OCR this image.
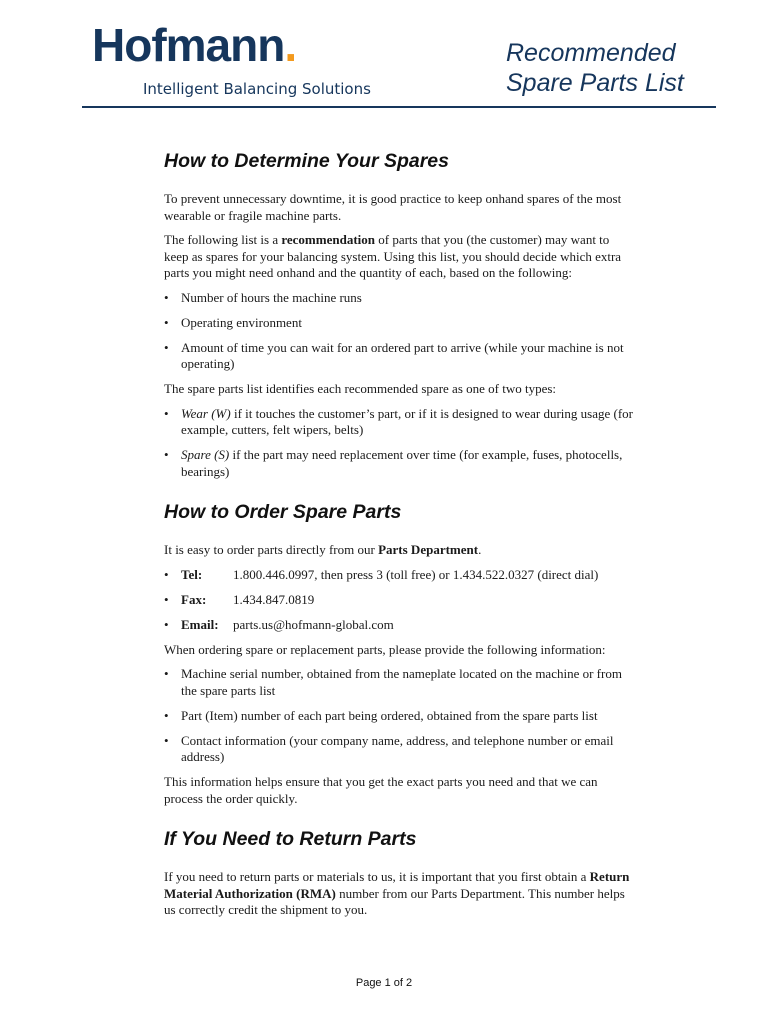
Hofmann.
Intelligent Balancing Solutions
Recommended
Spare Parts List
How to Determine Your Spares

To prevent unnecessary downtime, it is good practice to keep onhand spares of the most wearable or fragile machine parts.

The following list is a recommendation of parts that you (the customer) may want to keep as spares for your balancing system. Using this list, you should decide which extra parts you might need onhand and the quantity of each, based on the following:

• Number of hours the machine runs
• Operating environment
• Amount of time you can wait for an ordered part to arrive (while your machine is not operating)

The spare parts list identifies each recommended spare as one of two types:

• Wear (W) if it touches the customer’s part, or if it is designed to wear during usage (for example, cutters, felt wipers, belts)
• Spare (S) if the part may need replacement over time (for example, fuses, photocells, bearings)
How to Order Spare Parts

It is easy to order parts directly from our Parts Department.

• Tel: 1.800.446.0997, then press 3 (toll free) or 1.434.522.0327 (direct dial)
• Fax: 1.434.847.0819
• Email: parts.us@hofmann-global.com

When ordering spare or replacement parts, please provide the following information:

• Machine serial number, obtained from the nameplate located on the machine or from the spare parts list
• Part (Item) number of each part being ordered, obtained from the spare parts list
• Contact information (your company name, address, and telephone number or email address)

This information helps ensure that you get the exact parts you need and that we can process the order quickly.

If You Need to Return Parts

If you need to return parts or materials to us, it is important that you first obtain a Return Material Authorization (RMA) number from our Parts Department. This number helps us correctly credit the shipment to you.

Page 1 of 2
